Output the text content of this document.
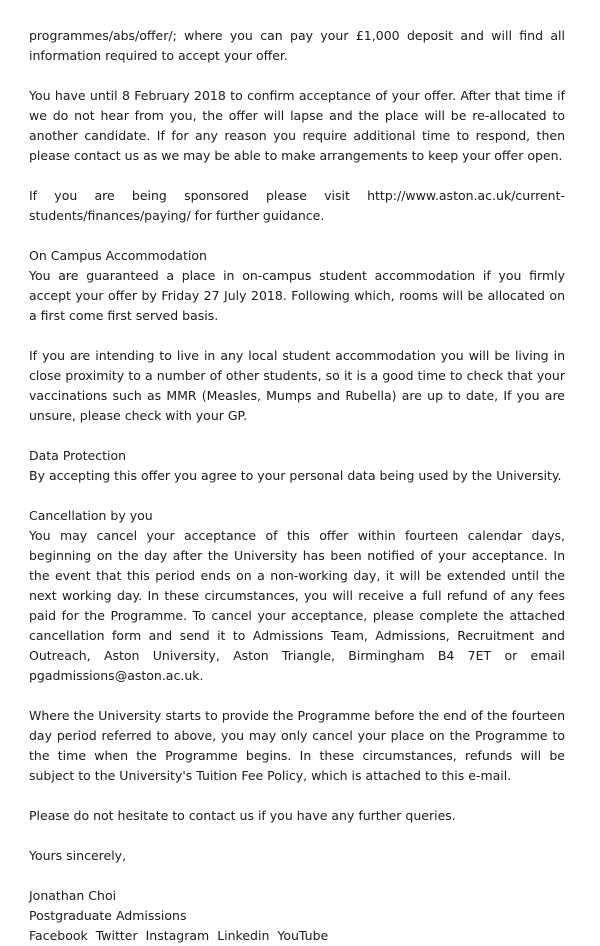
programmes/abs/offer/; where you can pay your £1,000 deposit and will find all information required to accept your offer.

You have until 8 February 2018 to confirm acceptance of your offer. After that time if we do not hear from you, the offer will lapse and the place will be re-allocated to another candidate. If for any reason you require additional time to respond, then please contact us as we may be able to make arrangements to keep your offer open.

If you are being sponsored please visit http://www.aston.ac.uk/current-students/finances/paying/ for further guidance.

On Campus Accommodation

You are guaranteed a place in on-campus student accommodation if you firmly accept your offer by Friday 27 July 2018. Following which, rooms will be allocated on a first come first served basis.

If you are intending to live in any local student accommodation you will be living in close proximity to a number of other students, so it is a good time to check that your vaccinations such as MMR (Measles, Mumps and Rubella) are up to date, If you are unsure, please check with your GP.

Data Protection

By accepting this offer you agree to your personal data being used by the University.

Cancellation by you

You may cancel your acceptance of this offer within fourteen calendar days, beginning on the day after the University has been notified of your acceptance. In the event that this period ends on a non-working day, it will be extended until the next working day. In these circumstances, you will receive a full refund of any fees paid for the Programme. To cancel your acceptance, please complete the attached cancellation form and send it to Admissions Team, Admissions, Recruitment and Outreach, Aston University, Aston Triangle, Birmingham B4 7ET or email pgadmissions@aston.ac.uk.

Where the University starts to provide the Programme before the end of the fourteen day period referred to above, you may only cancel your place on the Programme to the time when the Programme begins. In these circumstances, refunds will be subject to the University's Tuition Fee Policy, which is attached to this e-mail.

Please do not hesitate to contact us if you have any further queries.

Yours sincerely,

Jonathan Choi

Postgraduate Admissions

Facebook Twitter Instagram Linkedin YouTube
